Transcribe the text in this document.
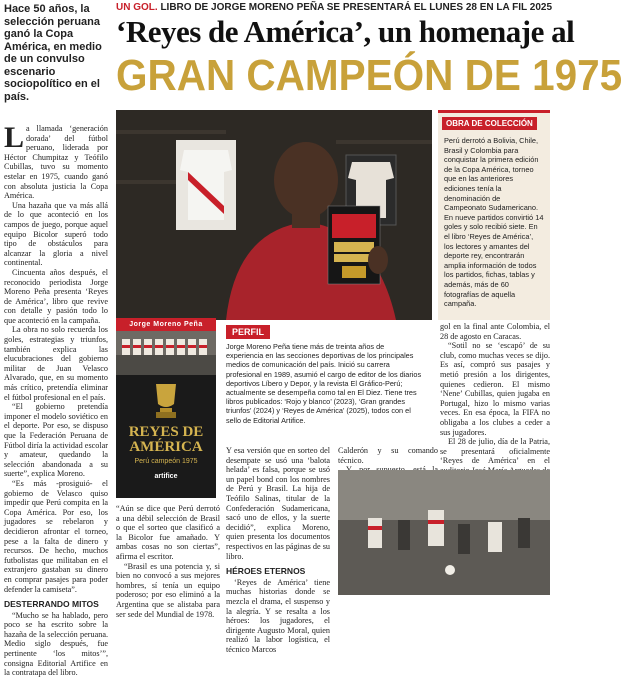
Hace 50 años, la selección peruana ganó la Copa América, en medio de un convulso escenario sociopolítico en el país.
UN GOL. LIBRO DE JORGE MORENO PEÑA SE PRESENTARÁ EL LUNES 28 EN LA FIL 2025
‘Reyes de América’, un homenaje al
GRAN CAMPEÓN DE 1975

La llamada ‘generación dorada’ del fútbol peruano, liderada por Héctor Chumpitaz y Teófilo Cubillas, tuvo su momento estelar en 1975, cuando ganó con absoluta justicia la Copa América.

Una hazaña que va más allá de lo que aconteció en los campos de juego, porque aquel equipo Bicolor superó todo tipo de obstáculos para alcanzar la gloria a nivel continental.

Cincuenta años después, el reconocido periodista Jorge Moreno Peña presenta ‘Reyes de América’, libro que revive con detalle y pasión todo lo que aconteció en la campaña.

La obra no solo recuerda los goles, estrategias y triunfos, también explica las elucubraciones del gobierno militar de Juan Velasco Alvarado, que, en su momento más crítico, pretendía eliminar el fútbol profesional en el país.

“El gobierno pretendía imponer el modelo soviético en el deporte. Por eso, se dispuso que la Federación Peruana de Fútbol diría la actividad escolar y amateur, quedando la selección abandonada a su suerte”, explica Moreno.

“Es más -prosiguió- el gobierno de Velasco quiso impedir que Perú compita en la Copa América. Por eso, los jugadores se rebelaron y decidieron afrontar el torneo, pese a la falta de dinero y recursos. De hecho, muchos futbolistas que militaban en el extranjero gastaban su dinero en comprar pasajes para poder defender la camiseta”.

DESTERRANDO MITOS

“Mucho se ha hablado, pero poco se ha escrito sobre la hazaña de la selección peruana. Medio siglo después, fue pertinente ‘los mitos’”, consigna Editorial Artifice en la contratapa del libro.

OBRA DE COLECCIÓN
Perú derrotó a Bolivia, Chile, Brasil y Colombia para conquistar la primera edición de la Copa América, torneo que en las anteriores ediciones tenía la denominación de Campeonato Sudamericano. En nueve partidos convirtió 14 goles y solo recibió siete. En el libro ‘Reyes de América’, los lectores y amantes del deporte rey, encontrarán amplia información de todos los partidos, fichas, tablas y además, más de 60 fotografías de aquella campaña.
Jorge Moreno Peña

REYES DE
AMÉRICA
Perú campeón 1975
artifice
PERFIL
Jorge Moreno Peña tiene más de treinta años de experiencia en las secciones deportivas de los principales medios de comunicación del país. Inició su carrera profesional en 1989, asumió el cargo de editor de los diarios deportivos Líbero y Depor, y la revista El Gráfico-Perú; actualmente se desempeña como tal en El Diez. Tiene tres libros publicados: ‘Rojo y blanco’ (2023), ‘Gran grandes triunfos’ (2024) y ‘Reyes de América’ (2025), todos con el sello de Editorial Artifice.

“Aún se dice que Perú derrotó a una débil selección de Brasil o que el sorteo que clasificó a la Bicolor fue amañado. Y ambas cosas no son ciertas”, afirma el escritor.

“Brasil es una potencia y, si bien no convocó a sus mejores hombres, sí tenía un equipo poderoso; por eso eliminó a la Argentina que se alistaba para ser sede del Mundial de 1978.

Y esa versión que en sorteo del desempate se usó una ‘balota helada’ es falsa, porque se usó un papel bond con los nombres de Perú y Brasil. La hija de Teófilo Salinas, titular de la Confederación Sudamericana, sacó uno de ellos, y la suerte decidió”, explica Moreno, quien presenta los documentos respectivos en las páginas de su libro.

HÉROES ETERNOS

‘Reyes de América’ tiene muchas historias donde se mezcla el drama, el suspenso y la alegría. Y se resalta a los héroes: los jugadores, el dirigente Augusto Moral, quien realizó la labor logística, el técnico Marcos

Calderón y su comando técnico.

gol en la final ante Colombia, el 28 de agosto en Caracas.

“Sotil no se ‘escapó’ de su club, como muchas veces se dijo. Es así, compró sus pasajes y metió presión a los dirigentes, quienes cedieron. El mismo ‘Nene’ Cubillas, quien jugaba en Portugal, hizo lo mismo varias veces. En esa época, la FIFA no obligaba a los clubes a ceder a sus jugadores.

El 28 de julio, día de la Patria, se presentará oficialmente ‘Reyes de América’ en el
